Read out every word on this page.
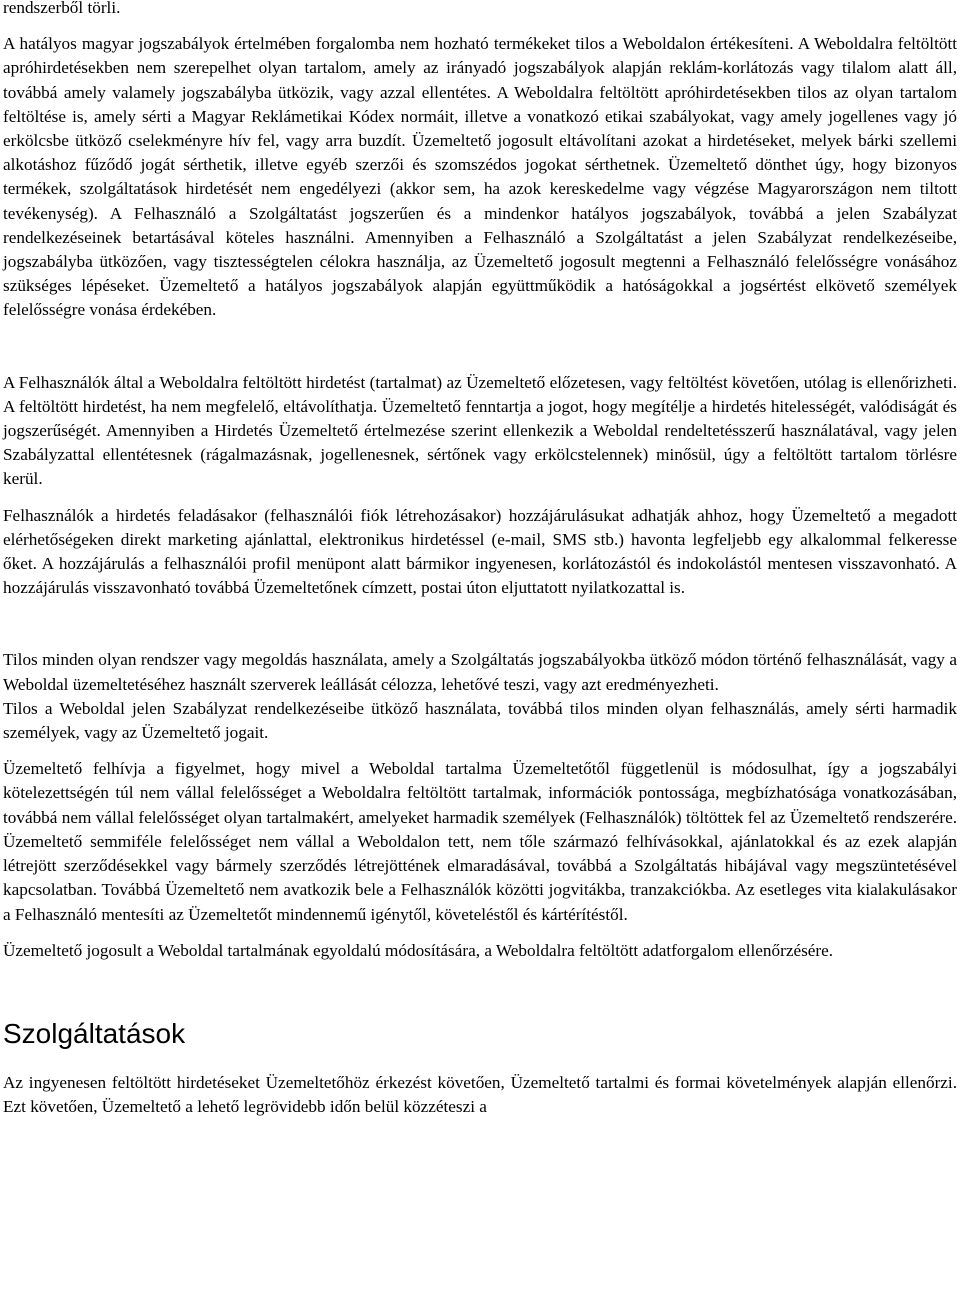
rendszerből törli.

A hatályos magyar jogszabályok értelmében forgalomba nem hozható termékeket tilos a Weboldalon értékesíteni. A Weboldalra feltöltött apróhirdetésekben nem szerepelhet olyan tartalom, amely az irányadó jogszabályok alapján reklám-korlátozás vagy tilalom alatt áll, továbbá amely valamely jogszabályba ütközik, vagy azzal ellentétes. A Weboldalra feltöltött apróhirdetésekben tilos az olyan tartalom feltöltése is, amely sérti a Magyar Reklámetikai Kódex normáit, illetve a vonatkozó etikai szabályokat, vagy amely jogellenes vagy jó erkölcsbe ütköző cselekményre hív fel, vagy arra buzdít. Üzemeltető jogosult eltávolítani azokat a hirdetéseket, melyek bárki szellemi alkotáshoz fűződő jogát sérthetik, illetve egyéb szerzői és szomszédos jogokat sérthetnek. Üzemeltető dönthet úgy, hogy bizonyos termékek, szolgáltatások hirdetését nem engedélyezi (akkor sem, ha azok kereskedelme vagy végzése Magyarországon nem tiltott tevékenység). A Felhasználó a Szolgáltatást jogszerűen és a mindenkor hatályos jogszabályok, továbbá a jelen Szabályzat rendelkezéseinek betartásával köteles használni. Amennyiben a Felhasználó a Szolgáltatást a jelen Szabályzat rendelkezéseibe, jogszabályba ütközően, vagy tisztességtelen célokra használja, az Üzemeltető jogosult megtenni a Felhasználó felelősségre vonásához szükséges lépéseket. Üzemeltető a hatályos jogszabályok alapján együttműködik a hatóságokkal a jogsértést elkövető személyek felelősségre vonása érdekében.

A Felhasználók által a Weboldalra feltöltött hirdetést (tartalmat) az Üzemeltető előzetesen, vagy feltöltést követően, utólag is ellenőrizheti. A feltöltött hirdetést, ha nem megfelelő, eltávolíthatja. Üzemeltető fenntartja a jogot, hogy megítélje a hirdetés hitelességét, valódiságát és jogszerűségét. Amennyiben a Hirdetés Üzemeltető értelmezése szerint ellenkezik a Weboldal rendeltetésszerű használatával, vagy jelen Szabályzattal ellentétesnek (rágalmazásnak, jogellenesnek, sértőnek vagy erkölcstelennek) minősül, úgy a feltöltött tartalom törlésre kerül.

Felhasználók a hirdetés feladásakor (felhasználói fiók létrehozásakor) hozzájárulásukat adhatják ahhoz, hogy Üzemeltető a megadott elérhetőségeken direkt marketing ajánlattal, elektronikus hirdetéssel (e-mail, SMS stb.) havonta legfeljebb egy alkalommal felkeresse őket. A hozzájárulás a felhasználói profil menüpont alatt bármikor ingyenesen, korlátozástól és indokolástól mentesen visszavonható. A hozzájárulás visszavonható továbbá Üzemeltetőnek címzett, postai úton eljuttatott nyilatkozattal is.

Tilos minden olyan rendszer vagy megoldás használata, amely a Szolgáltatás jogszabályokba ütköző módon történő felhasználását, vagy a Weboldal üzemeltetéséhez használt szerverek leállását célozza, lehetővé teszi, vagy azt eredményezheti.

Tilos a Weboldal jelen Szabályzat rendelkezéseibe ütköző használata, továbbá tilos minden olyan felhasználás, amely sérti harmadik személyek, vagy az Üzemeltető jogait.

Üzemeltető felhívja a figyelmet, hogy mivel a Weboldal tartalma Üzemeltetőtől függetlenül is módosulhat, így a jogszabályi kötelezettségén túl nem vállal felelősséget a Weboldalra feltöltött tartalmak, információk pontossága, megbízhatósága vonatkozásában, továbbá nem vállal felelősséget olyan tartalmakért, amelyeket harmadik személyek (Felhasználók) töltöttek fel az Üzemeltető rendszerére. Üzemeltető semmiféle felelősséget nem vállal a Weboldalon tett, nem tőle származó felhívásokkal, ajánlatokkal és az ezek alapján létrejött szerződésekkel vagy bármely szerződés létrejöttének elmaradásával, továbbá a Szolgáltatás hibájával vagy megszüntetésével kapcsolatban. Továbbá Üzemeltető nem avatkozik bele a Felhasználók közötti jogvitákba, tranzakciókba. Az esetleges vita kialakulásakor a Felhasználó mentesíti az Üzemeltetőt mindennemű igénytől, követeléstől és kártérítéstől.

Üzemeltető jogosult a Weboldal tartalmának egyoldalú módosítására, a Weboldalra feltöltött adatforgalom ellenőrzésére.

Szolgáltatások

Az ingyenesen feltöltött hirdetéseket Üzemeltetőhöz érkezést követően, Üzemeltető tartalmi és formai követelmények alapján ellenőrzi. Ezt követően, Üzemeltető a lehető legrövidebb időn belül közzéteszi a
